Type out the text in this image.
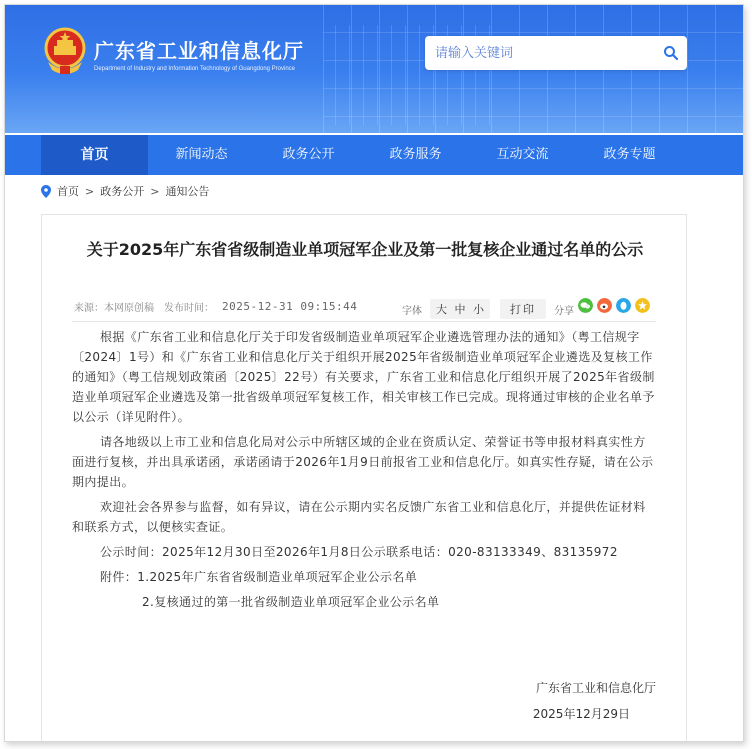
广东省工业和信息化厅
Department of Industry and Information Technology of Guangdong Province
请输入关键词
首页	新闻动态	政务公开	政务服务	互动交流	政务专题
首页 > 政务公开 > 通知公告
关于2025年广东省省级制造业单项冠军企业及第一批复核企业通过名单的公示
来源：本网原创稿 发布时间： 2025-12-31 09:15:44	字体	大 中 小	打印	分享

根据《广东省工业和信息化厅关于印发省级制造业单项冠军企业遴选管理办法的通知》（粤工信规字〔2024〕1号）和《广东省工业和信息化厅关于组织开展2025年省级制造业单项冠军企业遴选及复核工作的通知》（粤工信规划政策函〔2025〕22号）有关要求，广东省工业和信息化厅组织开展了2025年省级制造业单项冠军企业遴选及第一批省级单项冠军复核工作，相关审核工作已完成。现将通过审核的企业名单予以公示（详见附件）。

请各地级以上市工业和信息化局对公示中所辖区域的企业在资质认定、荣誉证书等申报材料真实性方面进行复核，并出具承诺函，承诺函请于2026年1月9日前报省工业和信息化厅。如真实性存疑，请在公示期内提出。

欢迎社会各界参与监督，如有异议，请在公示期内实名反馈广东省工业和信息化厅，并提供佐证材料和联系方式，以便核实查证。

公示时间：2025年12月30日至2026年1月8日公示联系电话：020-83133349、83135972

附件：1.2025年广东省省级制造业单项冠军企业公示名单

2.复核通过的第一批省级制造业单项冠军企业公示名单

广东省工业和信息化厅
2025年12月29日
